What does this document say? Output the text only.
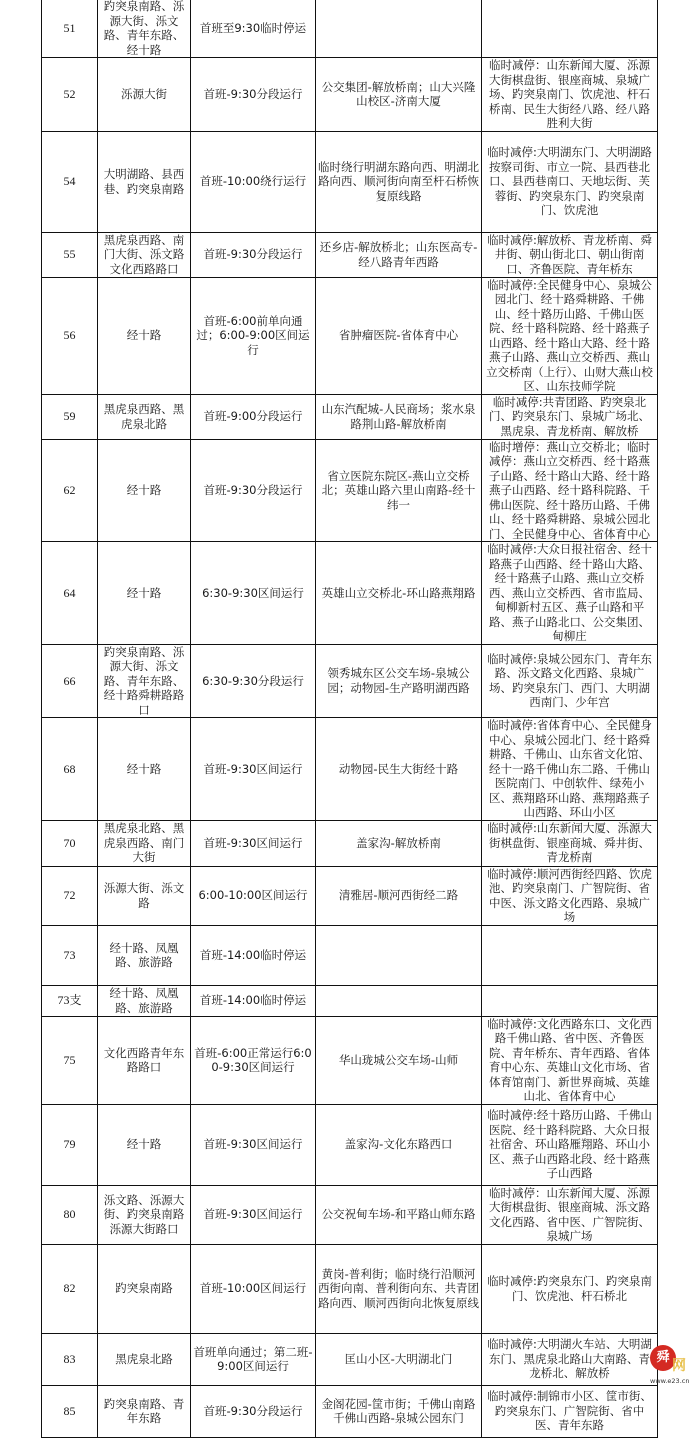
51	趵突泉南路、泺源大街、泺文路、青年东路、经十路	首班至9:30临时停运		

52	泺源大街	首班-9:30分段运行	公交集团-解放桥南；山大兴隆山校区-济南大厦	临时减停：山东新闻大厦、泺源大街棋盘街、银座商城、泉城广场、趵突泉南门、饮虎池、杆石桥南、民生大街经八路、经八路胜利大街

54	大明湖路、县西巷、趵突泉南路	首班-10:00绕行运行	临时绕行明湖东路向西、明湖北路向西、顺河街向南至杆石桥恢复原线路	临时减停:大明湖东门、大明湖路按察司街、市立一院、县西巷北口、县西巷南口、天地坛街、芙蓉街、趵突泉东门、趵突泉南门、饮虎池

55	黑虎泉西路、南门大街、泺文路文化西路路口	首班-9:30分段运行	还乡店-解放桥北；山东医高专-经八路青年西路	临时减停:解放桥、青龙桥南、舜井街、朝山街北口、朝山街南口、齐鲁医院、青年桥东

56	经十路	首班-6:00前单向通过；6:00-9:00区间运行	省肿瘤医院-省体育中心	临时减停:全民健身中心、泉城公园北门、经十路舜耕路、千佛山、经十路历山路、千佛山医院、经十路科院路、经十路燕子山西路、经十路山大路、经十路燕子山路、燕山立交桥西、燕山立交桥南（上行）、山财大燕山校区、山东技师学院

59	黑虎泉西路、黑虎泉北路	首班-9:00分段运行	山东汽配城-人民商场；浆水泉路荆山路-解放桥南	临时减停:共青团路、趵突泉北门、趵突泉东门、泉城广场北、黑虎泉、青龙桥南、解放桥

62	经十路	首班-9:30分段运行	省立医院东院区-燕山立交桥北；英雄山路六里山南路-经十纬一	临时增停：燕山立交桥北；临时减停：燕山立交桥西、经十路燕子山路、经十路山大路、经十路燕子山西路、经十路科院路、千佛山医院、经十路历山路、千佛山、经十路舜耕路、泉城公园北门、全民健身中心、省体育中心

64	经十路	6:30-9:30区间运行	英雄山立交桥北-环山路燕翔路	临时减停:大众日报社宿舍、经十路燕子山西路、经十路山大路、经十路燕子山路、燕山立交桥西、燕山立交桥西、省市监局、甸柳新村五区、燕子山路和平路、燕子山路北口、公交集团、甸柳庄

66	趵突泉南路、泺源大街、泺文路、青年东路、经十路舜耕路路口	6:30-9:30分段运行	领秀城东区公交车场-泉城公园；动物园-生产路明湖西路	临时减停:泉城公园东门、青年东路、泺文路文化西路、泉城广场、趵突泉东门、西门、大明湖西南门、少年宫

68	经十路	首班-9:30区间运行	动物园-民生大街经十路	临时减停:省体育中心、全民健身中心、泉城公园北门、经十路舜耕路、千佛山、山东省文化馆、经十一路千佛山东二路、千佛山医院南门、中创软件、绿苑小区、燕翔路环山路、燕翔路燕子山西路、环山小区

70	黑虎泉北路、黑虎泉西路、南门大街	首班-9:30区间运行	盖家沟-解放桥南	临时减停:山东新闻大厦、泺源大街棋盘街、银座商城、舜井街、青龙桥南

72	泺源大街、泺文路	6:00-10:00区间运行	清雅居-顺河西街经二路	临时减停:顺河西街经四路、饮虎池、趵突泉南门、广智院街、省中医、泺文路文化西路、泉城广场

73	经十路、凤凰路、旅游路	首班-14:00临时停运		

73支	经十路、凤凰路、旅游路	首班-14:00临时停运		

75	文化西路青年东路路口	首班-6:00正常运行6:00-9:30区间运行	华山珑城公交车场-山师	临时减停:文化西路东口、文化西路千佛山路、省中医、齐鲁医院、青年桥东、青年西路、省体育中心东、英雄山文化市场、省体育馆南门、新世界商城、英雄山北、省体育中心

79	经十路	首班-9:30区间运行	盖家沟-文化东路西口	临时减停:经十路历山路、千佛山医院、经十路科院路、大众日报社宿舍、环山路雁翔路、环山小区、燕子山西路北段、经十路燕子山西路

80	泺文路、泺源大街、趵突泉南路泺源大街路口	首班-9:30区间运行	公交祝甸车场-和平路山师东路	临时减停：山东新闻大厦、泺源大街棋盘街、银座商城、泺文路文化西路、省中医、广智院街、泉城广场

82	趵突泉南路	首班-10:00区间运行	黄岗-普利街；临时绕行沿顺河西街向南、普利街向东、共青团路向西、顺河西街向北恢复原线	临时减停:趵突泉东门、趵突泉南门、饮虎池、杆石桥北

83	黑虎泉北路	首班单向通过；第二班-9:00区间运行	匡山小区-大明湖北门	临时减停:大明湖火车站、大明湖东门、黑虎泉北路山大南路、青龙桥北、解放桥

85	趵突泉南路、青年东路	首班-9:30分段运行	金阁花园-筐市街；千佛山南路千佛山西路-泉城公园东门	临时减停:制锦市小区、筐市街、趵突泉东门、广智院街、省中医、青年东路
舜
网
www.e23.cn
